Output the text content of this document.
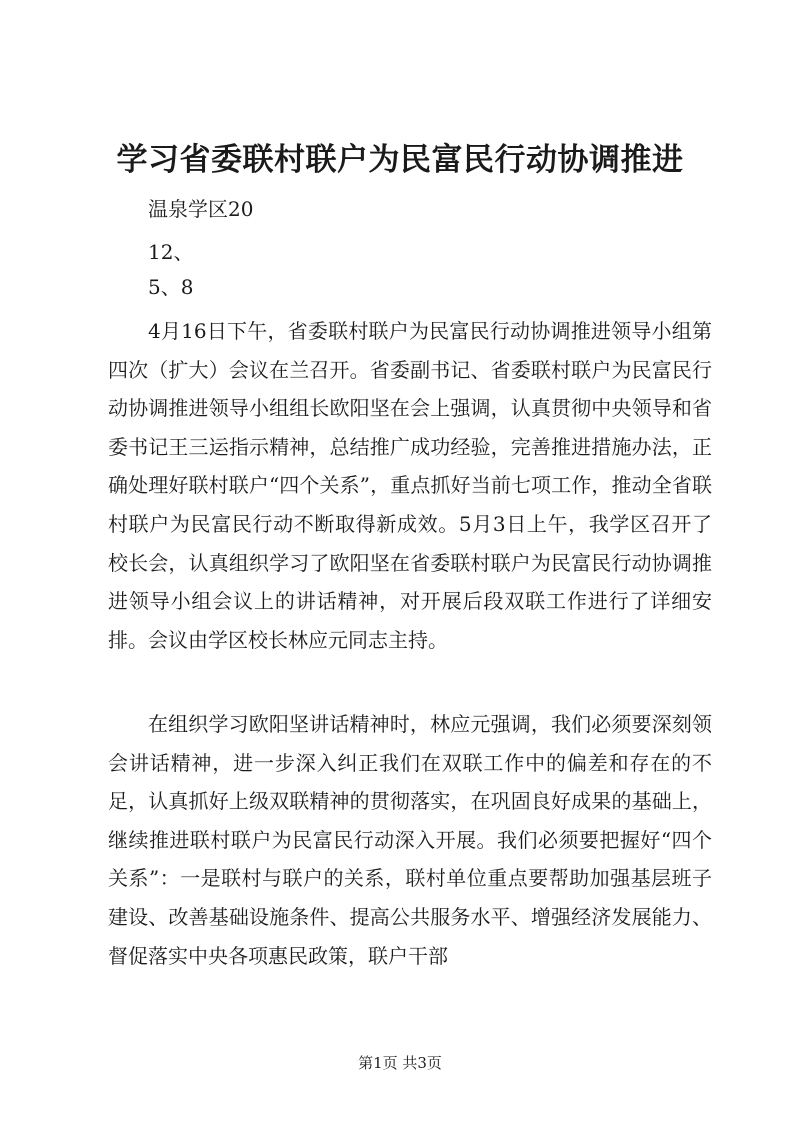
学习省委联村联户为民富民行动协调推进

温泉学区20

12、

5、8

4月16日下午，省委联村联户为民富民行动协调推进领导小组第四次（扩大）会议在兰召开。省委副书记、省委联村联户为民富民行动协调推进领导小组组长欧阳坚在会上强调，认真贯彻中央领导和省委书记王三运指示精神，总结推广成功经验，完善推进措施办法，正确处理好联村联户“四个关系”，重点抓好当前七项工作，推动全省联村联户为民富民行动不断取得新成效。5月3日上午，我学区召开了校长会，认真组织学习了欧阳坚在省委联村联户为民富民行动协调推进领导小组会议上的讲话精神，对开展后段双联工作进行了详细安排。会议由学区校长林应元同志主持。

在组织学习欧阳坚讲话精神时，林应元强调，我们必须要深刻领会讲话精神，进一步深入纠正我们在双联工作中的偏差和存在的不足，认真抓好上级双联精神的贯彻落实，在巩固良好成果的基础上，继续推进联村联户为民富民行动深入开展。我们必须要把握好“四个关系”：一是联村与联户的关系，联村单位重点要帮助加强基层班子建设、改善基础设施条件、提高公共服务水平、增强经济发展能力、督促落实中央各项惠民政策，联户干部

第1页 共3页
